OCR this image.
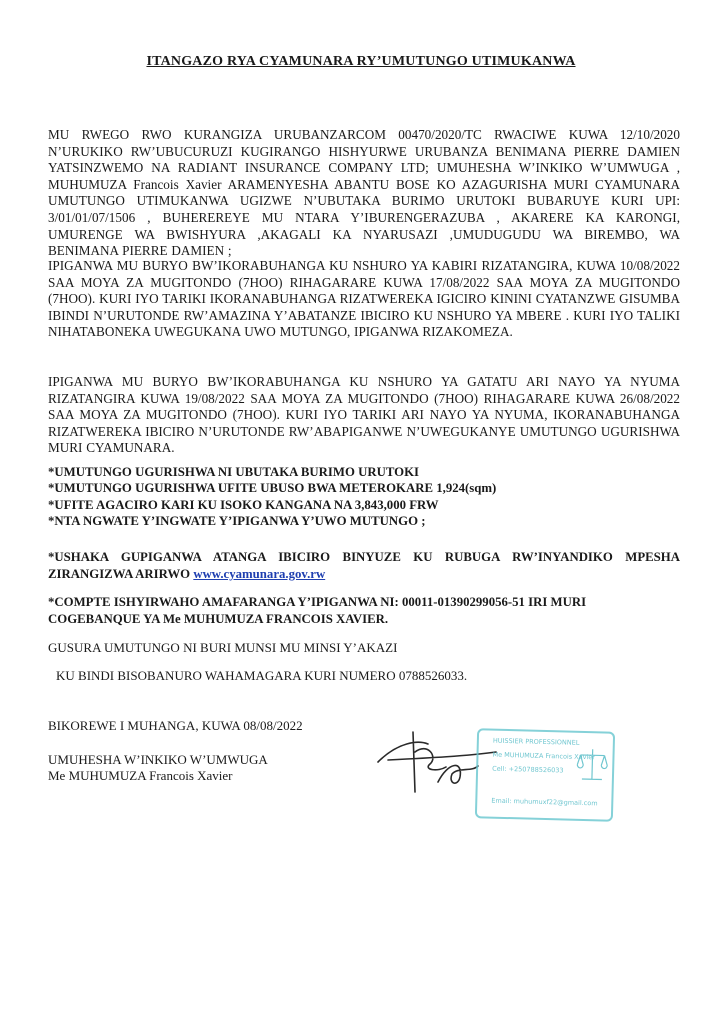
ITANGAZO RYA CYAMUNARA RY’UMUTUNGO UTIMUKANWA
MU RWEGO RWO KURANGIZA URUBANZARCOM 00470/2020/TC RWACIWE KUWA 12/10/2020 N’URUKIKO RW’UBUCURUZI KUGIRANGO HISHYURWE URUBANZA BENIMANA PIERRE DAMIEN YATSINZWEMO NA RADIANT INSURANCE COMPANY LTD; UMUHESHA W’INKIKO W’UMWUGA , MUHUMUZA Francois Xavier ARAMENYESHA ABANTU BOSE KO AZAGURISHA MURI CYAMUNARA UMUTUNGO UTIMUKANWA UGIZWE N’UBUTAKA BURIMO URUTOKI BUBARUYE KURI UPI: 3/01/01/07/1506 , BUHEREREYE MU NTARA Y’IBURENGERAZUBA , AKARERE KA KARONGI, UMURENGE WA BWISHYURA ,AKAGALI KA NYARUSAZI ,UMUDUGUDU WA BIREMBO, WA BENIMANA PIERRE DAMIEN ;
IPIGANWA MU BURYO BW’IKORABUHANGA KU NSHURO YA KABIRI RIZATANGIRA, KUWA 10/08/2022 SAA MOYA ZA MUGITONDO (7HOO) RIHAGARARE KUWA 17/08/2022 SAA MOYA ZA MUGITONDO (7HOO). KURI IYO TARIKI IKORANABUHANGA RIZATWEREKA IGICIRO KININI CYATANZWE GISUMBA IBINDI N’URUTONDE RW’AMAZINA Y’ABATANZE IBICIRO KU NSHURO YA MBERE . KURI IYO TALIKI NIHATABONEKA UWEGUKANA UWO MUTUNGO, IPIGANWA RIZAKOMEZA.
IPIGANWA MU BURYO BW’IKORABUHANGA KU NSHURO YA GATATU ARI NAYO YA NYUMA RIZATANGIRA KUWA 19/08/2022 SAA MOYA ZA MUGITONDO (7HOO) RIHAGARARE KUWA 26/08/2022 SAA MOYA ZA MUGITONDO (7HOO). KURI IYO TARIKI ARI NAYO YA NYUMA, IKORANABUHANGA RIZATWEREKA IBICIRO N’URUTONDE RW’ABAPIGANWE N’UWEGUKANYE UMUTUNGO UGURISHWA MURI CYAMUNARA.
*UMUTUNGO UGURISHWA NI UBUTAKA BURIMO URUTOKI
*UMUTUNGO UGURISHWA UFITE UBUSO BWA METEROKARE 1,924(sqm)
*UFITE AGACIRO KARI KU ISOKO KANGANA NA 3,843,000 FRW
*NTA NGWATE Y’INGWATE Y’IPIGANWA Y’UWO MUTUNGO ;
*USHAKA GUPIGANWA ATANGA IBICIRO BINYUZE KU RUBUGA RW’INYANDIKO MPESHA ZIRANGIZWA ARIRWO www.cyamunara.gov.rw
*COMPTE ISHYIRWAHO AMAFARANGA Y’IPIGANWA NI: 00011-01390299056-51 IRI MURI COGEBANQUE YA Me MUHUMUZA FRANCOIS XAVIER.
GUSURA UMUTUNGO NI BURI MUNSI MU MINSI Y’AKAZI
KU BINDI BISOBANURO WAHAMAGARA KURI NUMERO 0788526033.
BIKOREWE I MUHANGA, KUWA 08/08/2022
UMUHESHA W’INKIKO W’UMWUGA
Me MUHUMUZA Francois Xavier
HUISSIER PROFESSIONNEL
Me MUHUMUZA Francois Xavier
Cell: +250788526033
Email: muhumuxf22@gmail.com
